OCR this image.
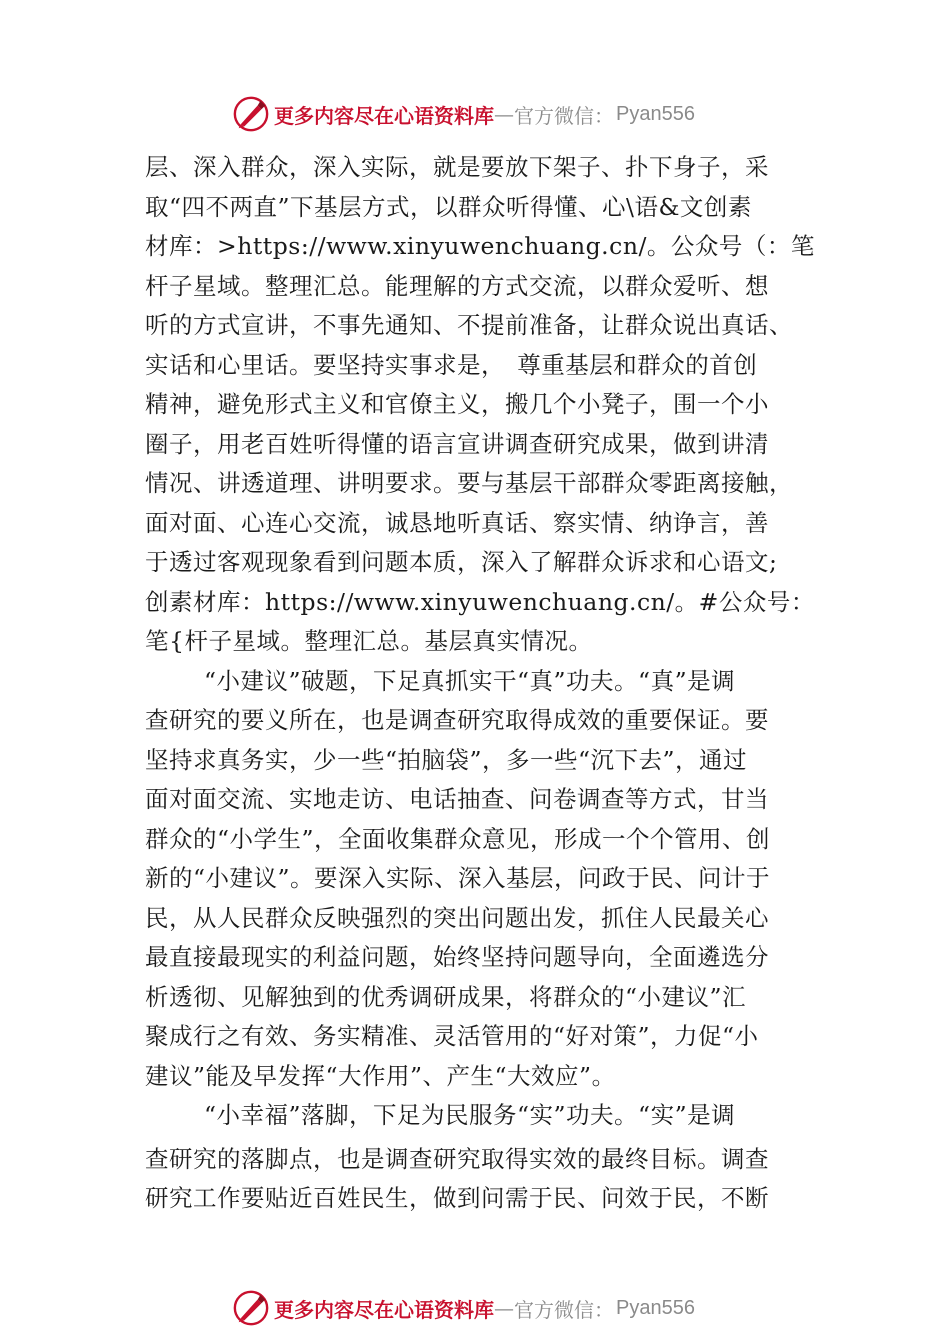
更多内容尽在心语资料库 — 官方微信： Pyan556
层、深入群众，深入实际，就是要放下架子、扑下身子，采
取“四不两直”下基层方式，以群众听得懂、心\语&文创素
材库：>https://www.xinyuwenchuang.cn/。公众号（：笔
杆子星域。整理汇总。能理解的方式交流，以群众爱听、想
听的方式宣讲，不事先通知、不提前准备，让群众说出真话、
实话和心里话。要坚持实事求是，　尊重基层和群众的首创
精神，避免形式主义和官僚主义，搬几个小凳子，围一个小
圈子，用老百姓听得懂的语言宣讲调查研究成果，做到讲清
情况、讲透道理、讲明要求。要与基层干部群众零距离接触，
面对面、心连心交流，诚恳地听真话、察实情、纳诤言，善
于透过客观现象看到问题本质，深入了解群众诉求和心语文;
创素材库：https://www.xinyuwenchuang.cn/。#公众号：
笔{杆子星域。整理汇总。基层真实情况。
“小建议”破题，下足真抓实干“真”功夫。“真”是调
查研究的要义所在，也是调查研究取得成效的重要保证。要
坚持求真务实，少一些“拍脑袋”，多一些“沉下去”，通过
面对面交流、实地走访、电话抽查、问卷调查等方式，甘当
群众的“小学生”，全面收集群众意见，形成一个个管用、创
新的“小建议”。要深入实际、深入基层，问政于民、问计于
民，从人民群众反映强烈的突出问题出发，抓住人民最关心
最直接最现实的利益问题，始终坚持问题导向，全面遴选分
析透彻、见解独到的优秀调研成果，将群众的“小建议”汇
聚成行之有效、务实精准、灵活管用的“好对策”，力促“小
建议”能及早发挥“大作用”、产生“大效应”。
“小幸福”落脚，下足为民服务“实”功夫。“实”是调
查研究的落脚点，也是调查研究取得实效的最终目标。调查
研究工作要贴近百姓民生，做到问需于民、问效于民，不断
更多内容尽在心语资料库 — 官方微信： Pyan556
